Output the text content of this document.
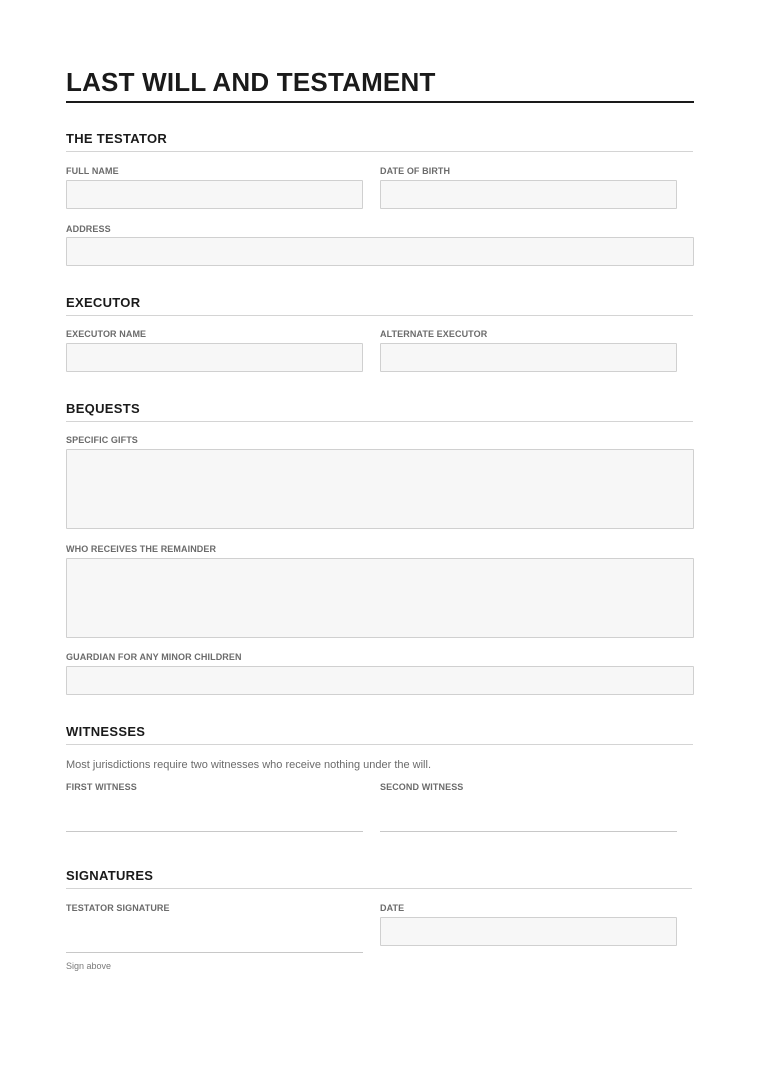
LAST WILL AND TESTAMENT
THE TESTATOR
FULL NAME	DATE OF BIRTH
ADDRESS
EXECUTOR
EXECUTOR NAME	ALTERNATE EXECUTOR
BEQUESTS
SPECIFIC GIFTS
WHO RECEIVES THE REMAINDER
GUARDIAN FOR ANY MINOR CHILDREN
WITNESSES
Most jurisdictions require two witnesses who receive nothing under the will.
FIRST WITNESS	SECOND WITNESS
SIGNATURES
TESTATOR SIGNATURE
Sign above
DATE
